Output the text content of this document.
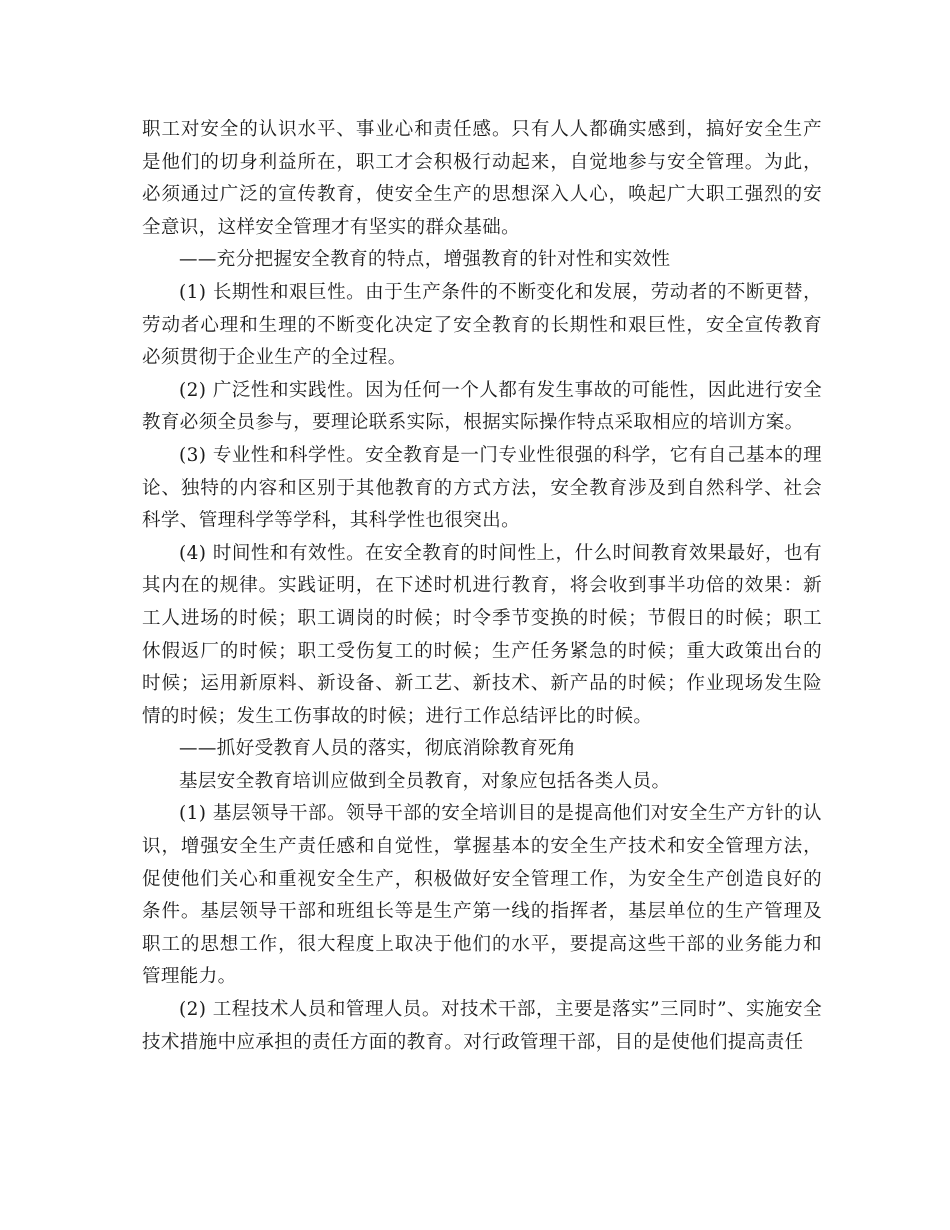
职工对安全的认识水平、事业心和责任感。只有人人都确实感到，搞好安全生产是他们的切身利益所在，职工才会积极行动起来，自觉地参与安全管理。为此，必须通过广泛的宣传教育，使安全生产的思想深入人心，唤起广大职工强烈的安全意识，这样安全管理才有坚实的群众基础。

——充分把握安全教育的特点，增强教育的针对性和实效性

(1) 长期性和艰巨性。由于生产条件的不断变化和发展，劳动者的不断更替，劳动者心理和生理的不断变化决定了安全教育的长期性和艰巨性，安全宣传教育必须贯彻于企业生产的全过程。

(2) 广泛性和实践性。因为任何一个人都有发生事故的可能性，因此进行安全教育必须全员参与，要理论联系实际，根据实际操作特点采取相应的培训方案。

(3) 专业性和科学性。安全教育是一门专业性很强的科学，它有自己基本的理论、独特的内容和区别于其他教育的方式方法，安全教育涉及到自然科学、社会科学、管理科学等学科，其科学性也很突出。

(4) 时间性和有效性。在安全教育的时间性上，什么时间教育效果最好，也有其内在的规律。实践证明，在下述时机进行教育，将会收到事半功倍的效果：新工人进场的时候；职工调岗的时候；时令季节变换的时候；节假日的时候；职工休假返厂的时候；职工受伤复工的时候；生产任务紧急的时候；重大政策出台的时候；运用新原料、新设备、新工艺、新技术、新产品的时候；作业现场发生险情的时候；发生工伤事故的时候；进行工作总结评比的时候。

——抓好受教育人员的落实，彻底消除教育死角

基层安全教育培训应做到全员教育，对象应包括各类人员。

(1) 基层领导干部。领导干部的安全培训目的是提高他们对安全生产方针的认识，增强安全生产责任感和自觉性，掌握基本的安全生产技术和安全管理方法，促使他们关心和重视安全生产，积极做好安全管理工作，为安全生产创造良好的条件。基层领导干部和班组长等是生产第一线的指挥者，基层单位的生产管理及职工的思想工作，很大程度上取决于他们的水平，要提高这些干部的业务能力和管理能力。

(2) 工程技术人员和管理人员。对技术干部，主要是落实”三同时”、实施安全技术措施中应承担的责任方面的教育。对行政管理干部，目的是使他们提高责任
